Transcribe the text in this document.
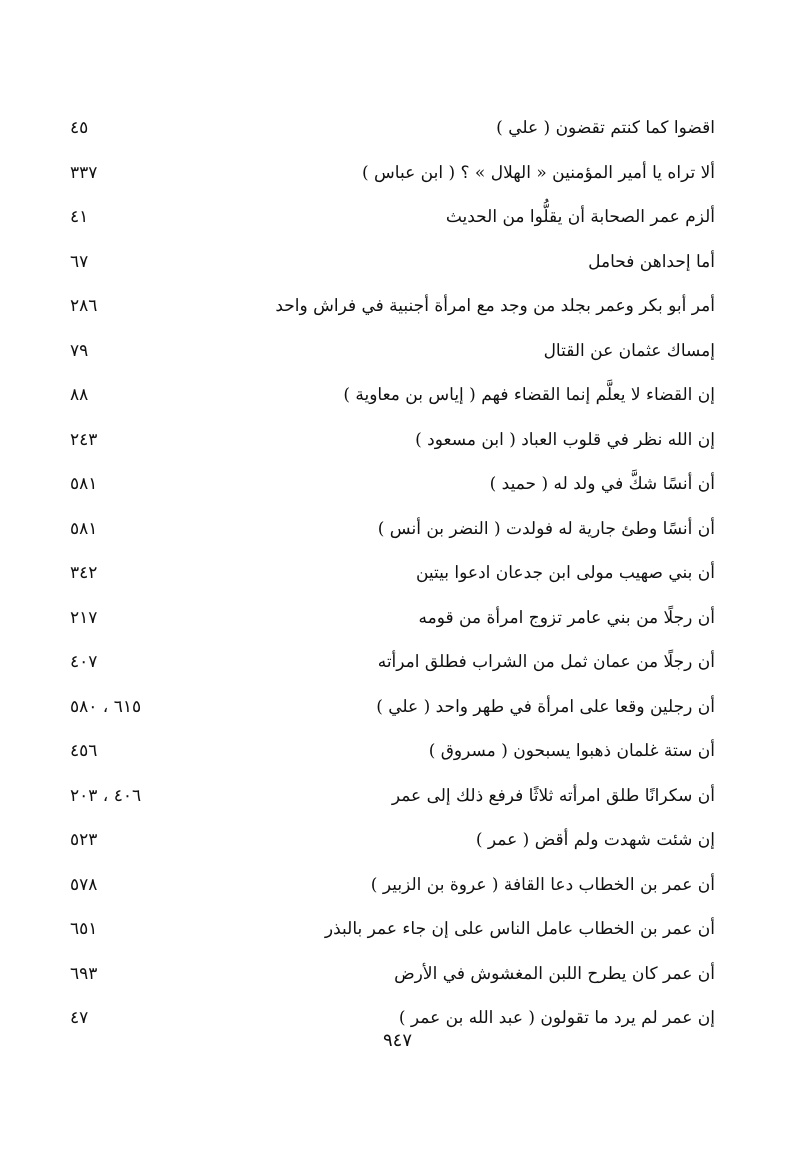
اقضوا كما كنتم تقضون ( علي )
٤٥
ألا تراه يا أمير المؤمنين « الهلال » ؟ ( ابن عباس )
٣٣٧
ألزم عمر الصحابة أن يقلُّوا من الحديث
٤١
أما إحداهن فحامل
٦٧
أمر أبو بكر وعمر بجلد من وجد مع امرأة أجنبية في فراش واحد
٢٨٦
إمساك عثمان عن القتال
٧٩
إن القضاء لا يعلَّم إنما القضاء فهم ( إياس بن معاوية )
٨٨
إن الله نظر في قلوب العباد ( ابن مسعود )
٢٤٣
أن أنسًا شكَّ في ولد له ( حميد )
٥٨١
أن أنسًا وطئ جارية له فولدت ( النضر بن أنس )
٥٨١
أن بني صهيب مولى ابن جدعان ادعوا بيتين
٣٤٢
أن رجلًا من بني عامر تزوج امرأة من قومه
٢١٧
أن رجلًا من عمان ثمل من الشراب فطلق امرأته
٤٠٧
أن رجلين وقعا على امرأة في طهر واحد ( علي )
٦١٥ ، ٥٨٠
أن ستة غلمان ذهبوا يسبحون ( مسروق )
٤٥٦
أن سكرانًا طلق امرأته ثلاثًا فرفع ذلك إلى عمر
٤٠٦ ، ٢٠٣
إن شئت شهدت ولم أقض ( عمر )
٥٢٣
أن عمر بن الخطاب دعا القافة ( عروة بن الزبير )
٥٧٨
أن عمر بن الخطاب عامل الناس على إن جاء عمر بالبذر
٦٥١
أن عمر كان يطرح اللبن المغشوش في الأرض
٦٩٣
إن عمر لم يرد ما تقولون ( عبد الله بن عمر )
٤٧
٩٤٧
